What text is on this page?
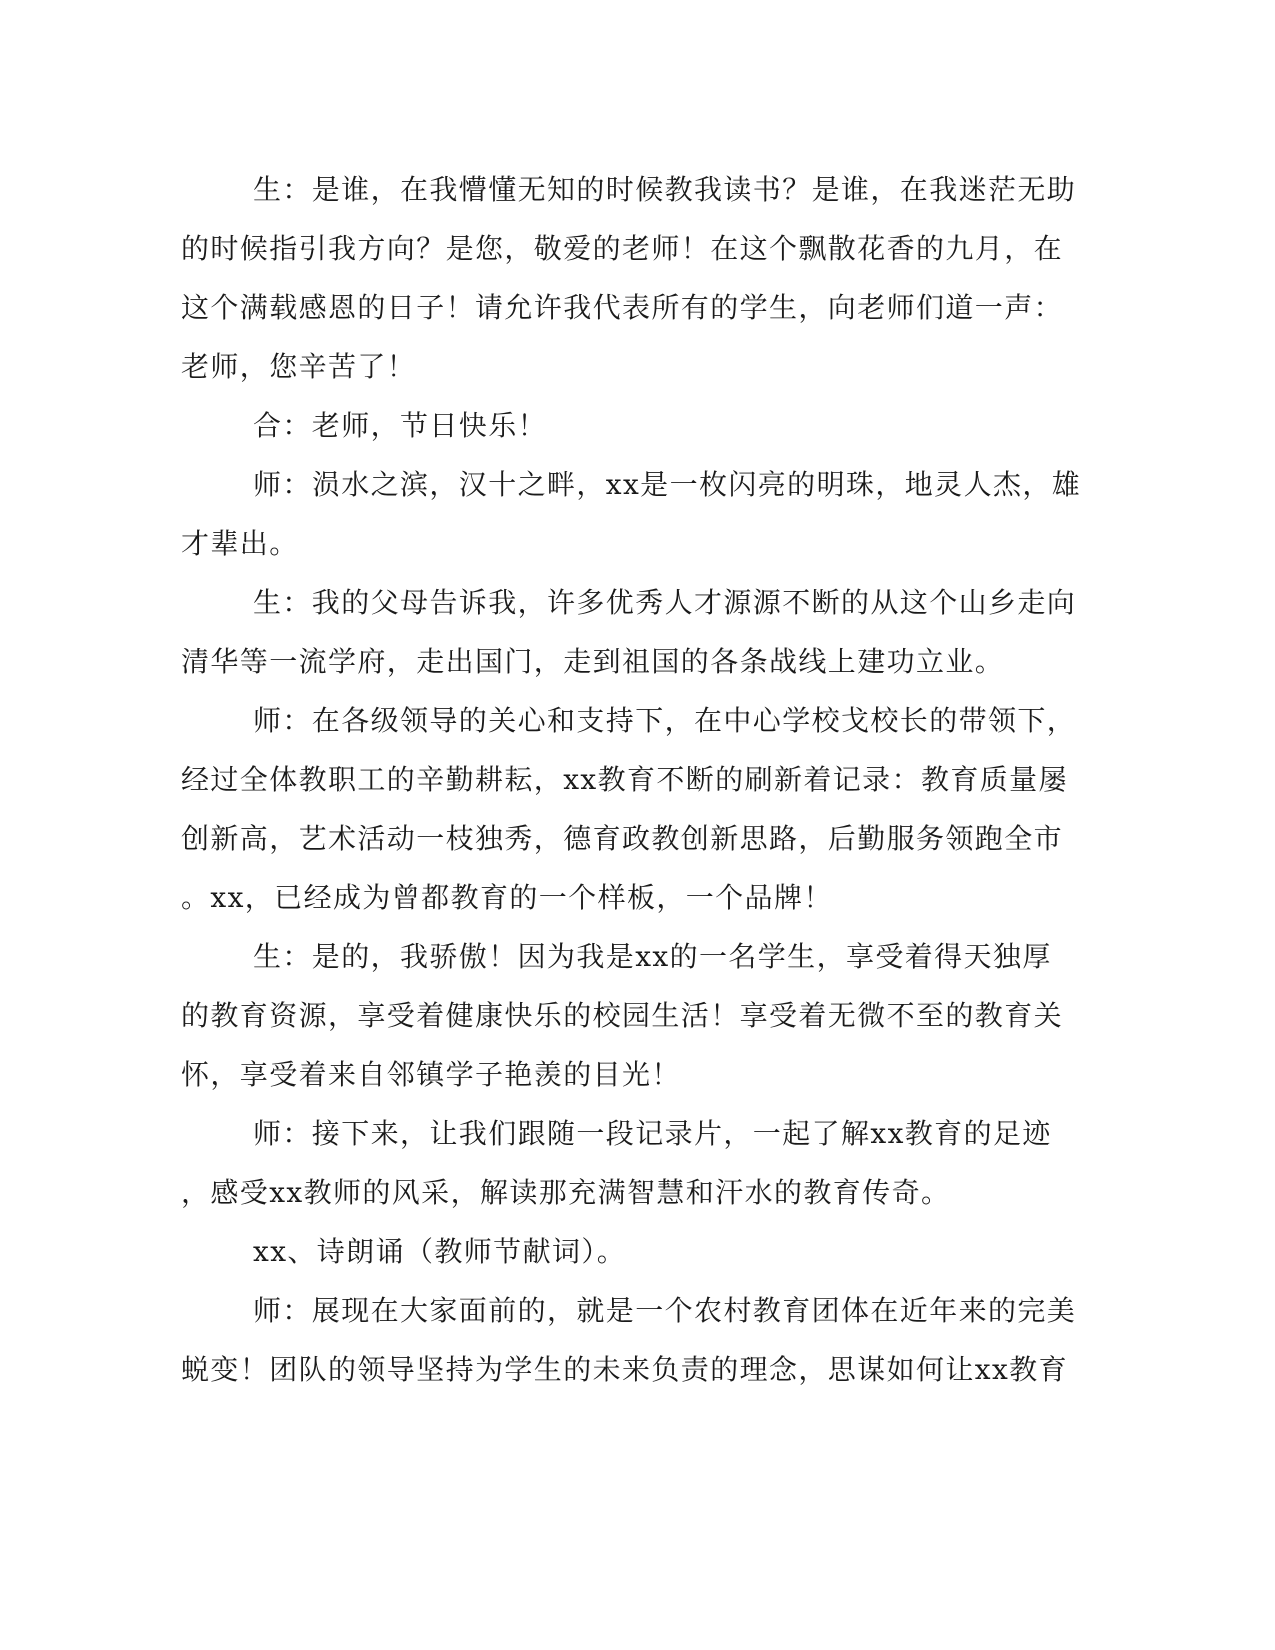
生：是谁，在我懵懂无知的时候教我读书？是谁，在我迷茫无助
的时候指引我方向？是您，敬爱的老师！在这个飘散花香的九月，在
这个满载感恩的日子！请允许我代表所有的学生，向老师们道一声：
老师，您辛苦了！

合：老师，节日快乐！

师：涢水之滨，汉十之畔，xx是一枚闪亮的明珠，地灵人杰，雄
才辈出。

生：我的父母告诉我，许多优秀人才源源不断的从这个山乡走向
清华等一流学府，走出国门，走到祖国的各条战线上建功立业。

师：在各级领导的关心和支持下，在中心学校戈校长的带领下，
经过全体教职工的辛勤耕耘，xx教育不断的刷新着记录：教育质量屡
创新高，艺术活动一枝独秀，德育政教创新思路，后勤服务领跑全市
。xx，已经成为曾都教育的一个样板，一个品牌！

生：是的，我骄傲！因为我是xx的一名学生，享受着得天独厚
的教育资源，享受着健康快乐的校园生活！享受着无微不至的教育关
怀，享受着来自邻镇学子艳羡的目光！

师：接下来，让我们跟随一段记录片，一起了解xx教育的足迹
，感受xx教师的风采，解读那充满智慧和汗水的教育传奇。

xx、诗朗诵（教师节献词）。

师：展现在大家面前的，就是一个农村教育团体在近年来的完美
蜕变！团队的领导坚持为学生的未来负责的理念，思谋如何让xx教育
